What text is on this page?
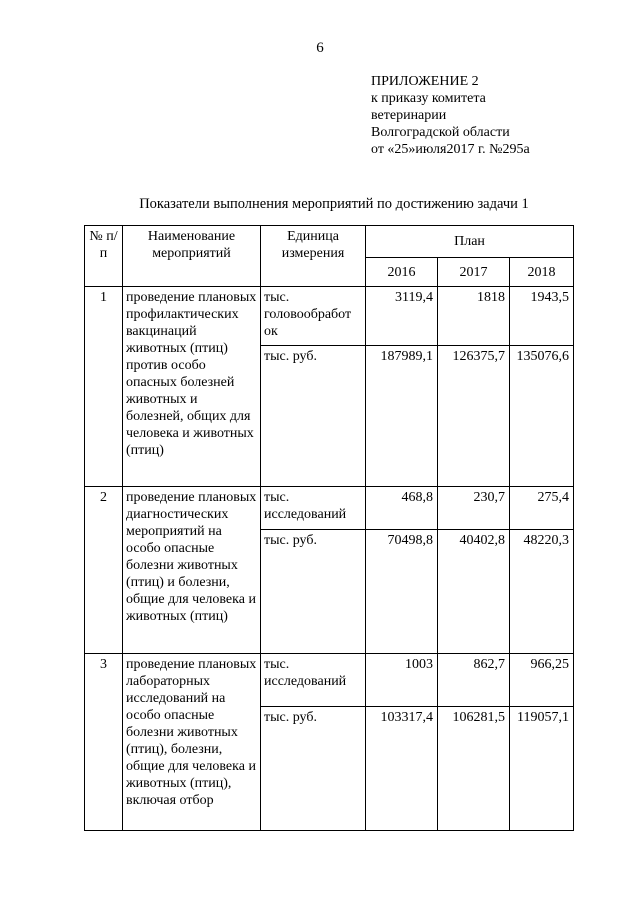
6
ПРИЛОЖЕНИЕ 2
к приказу комитета
ветеринарии
Волгоградской области
от «25»июля2017 г. №295а
Показатели выполнения мероприятий по достижению задачи 1
№ п/п	Наименование мероприятий	Единица измерения	План		
			2016	2017	2018
1	проведение плановых профилактических вакцинаций животных (птиц) против особо опасных болезней животных и болезней, общих для человека и животных (птиц)	тыс. головообработ ок	3119,4	1818	1943,5
		тыс. руб.	187989,1	126375,7	135076,6
2	проведение плановых диагностических мероприятий на особо опасные болезни животных (птиц) и болезни, общие для человека и животных (птиц)	тыс. исследований	468,8	230,7	275,4
		тыс. руб.	70498,8	40402,8	48220,3
3	проведение плановых лабораторных исследований на особо опасные болезни животных (птиц), болезни, общие для человека и животных (птиц), включая отбор	тыс. исследований	1003	862,7	966,25
		тыс. руб.	103317,4	106281,5	119057,1
